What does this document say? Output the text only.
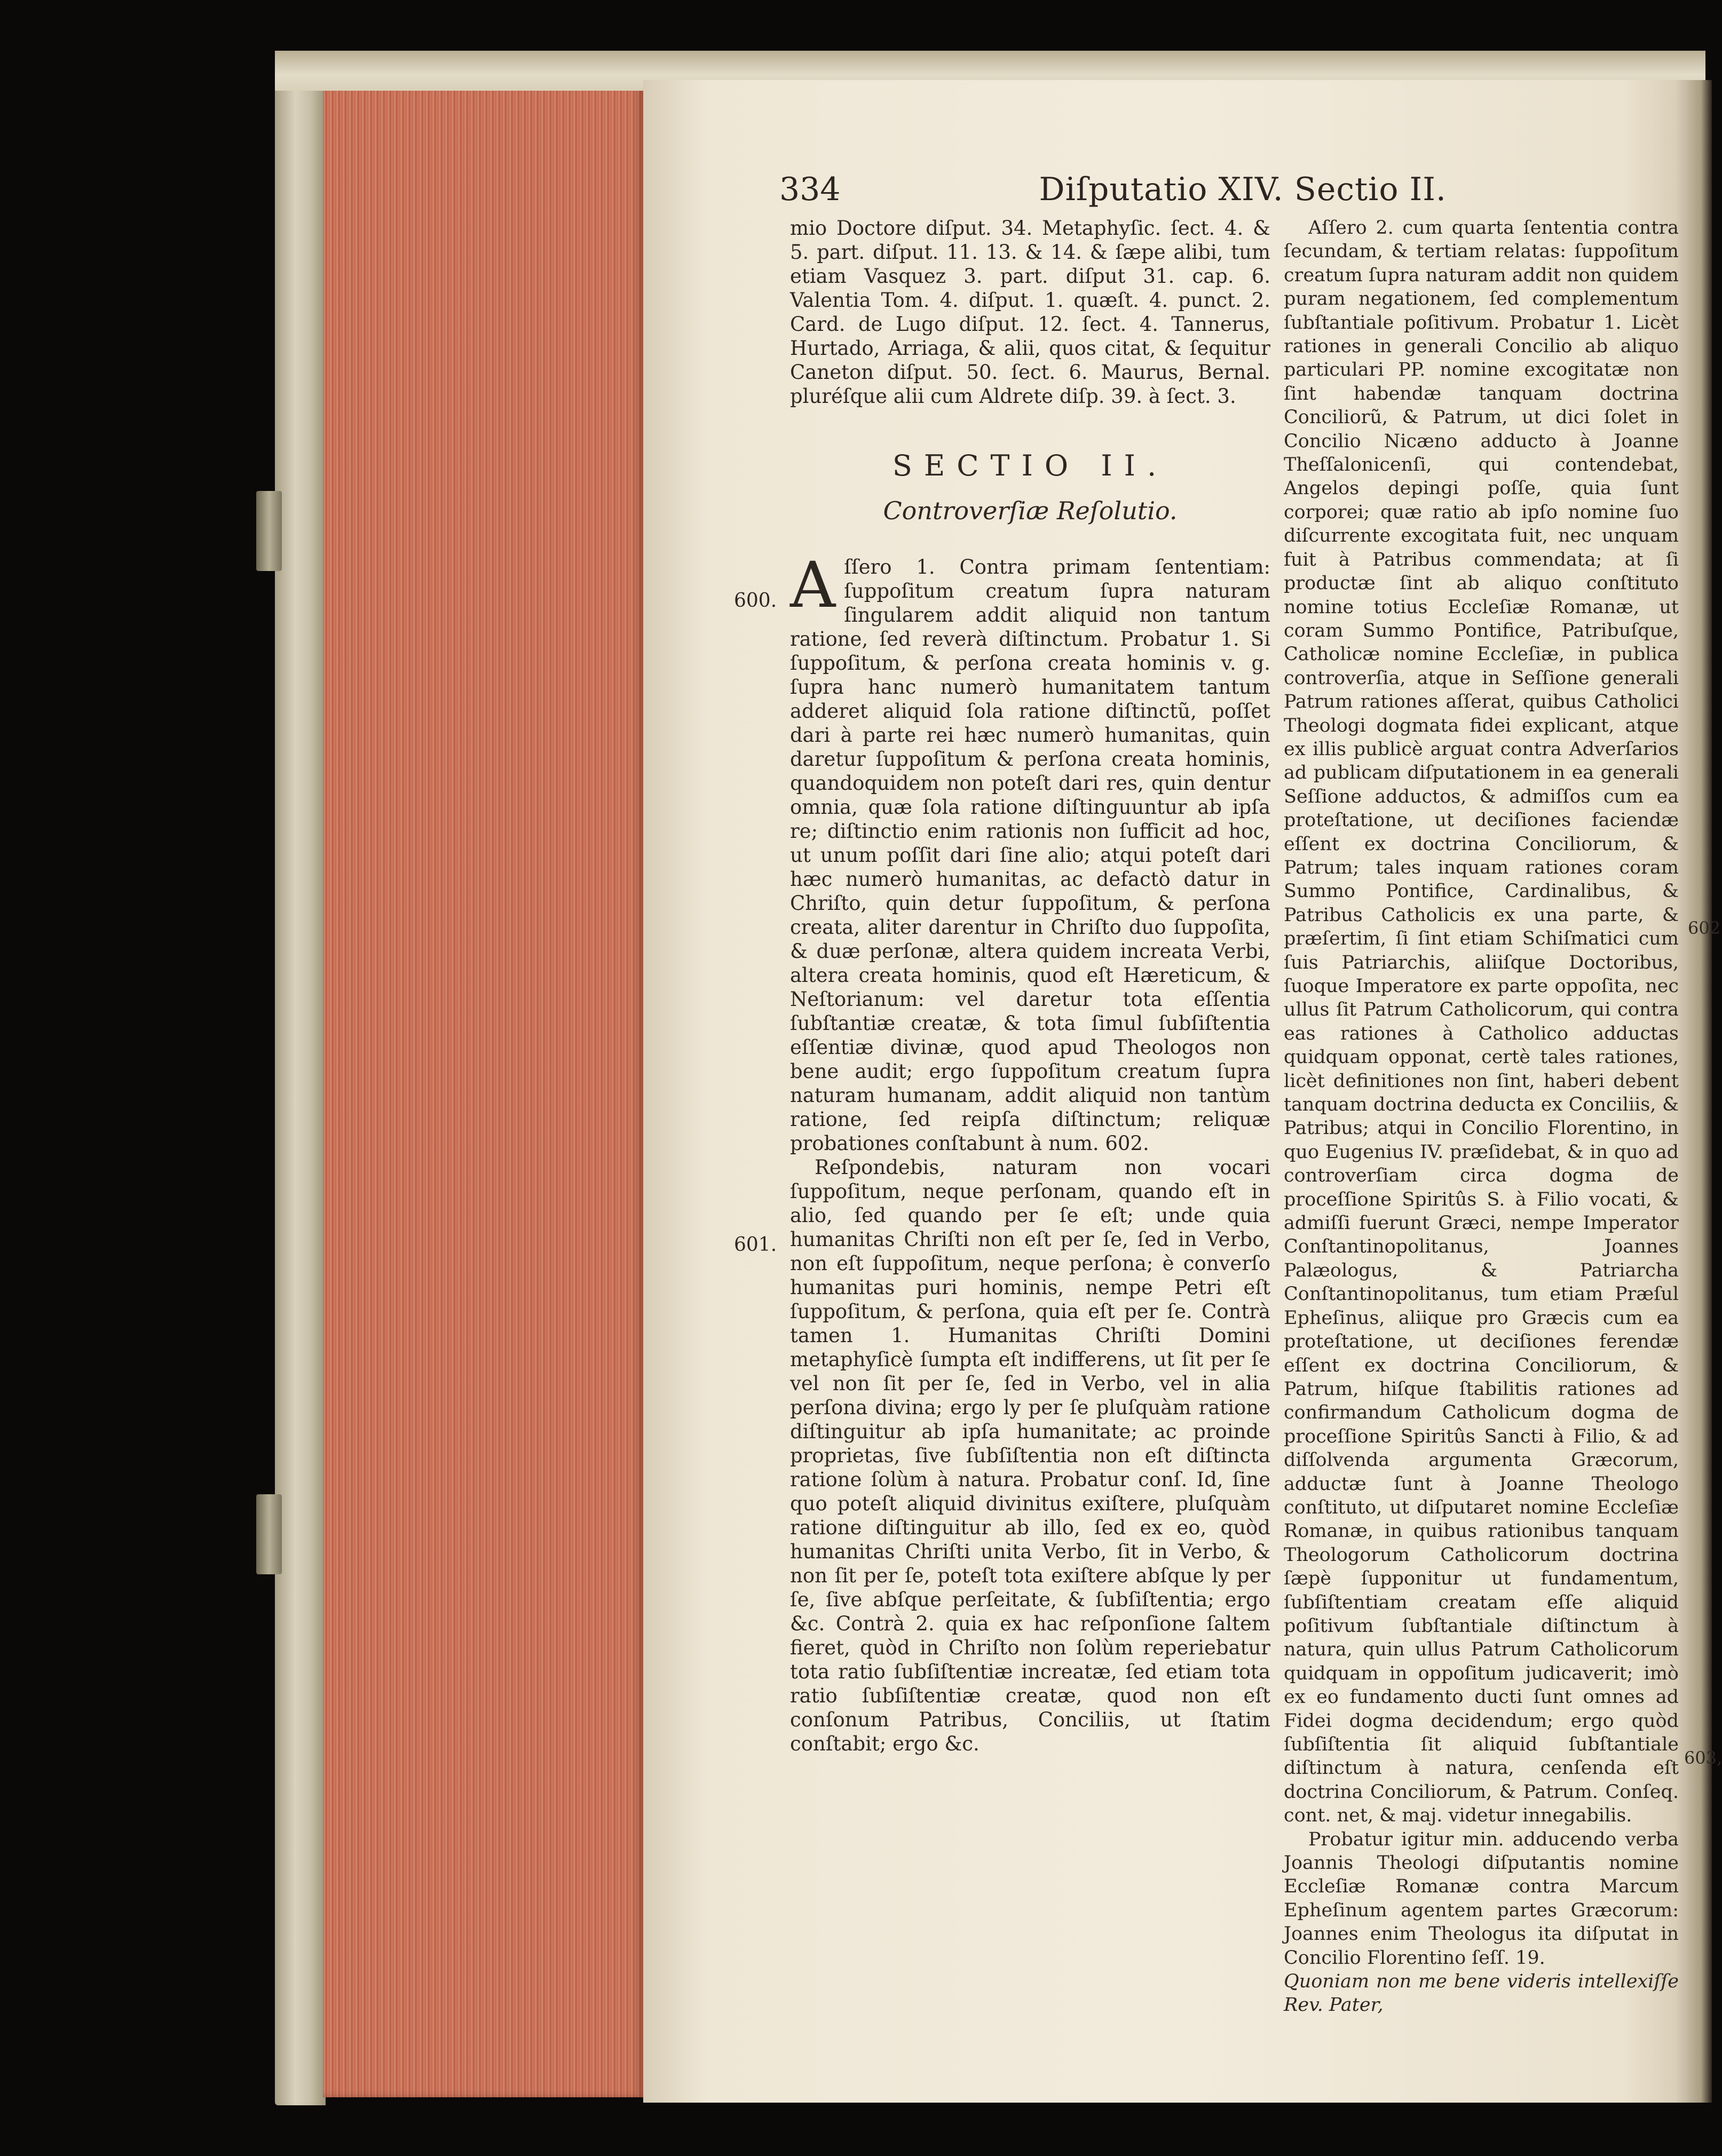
334	Diſputatio XIV. Sectio II.

mio Doctore diſput. 34. Metaphyſic. ſect. 4. & 5. part. diſput. 11. 13. & 14. & ſæpe alibi, tum etiam Vasquez 3. part. diſput 31. cap. 6. Valentia Tom. 4. diſput. 1. quæſt. 4. punct. 2. Card. de Lugo diſput. 12. ſect. 4. Tannerus, Hurtado, Arriaga, & alii, quos citat, & ſequitur Caneton diſput. 50. ſect. 6. Maurus, Bernal. pluréſque alii cum Aldrete diſp. 39. à ſect. 3.

SECTIO II.
Controverſiæ Reſolutio.

A ſſero 1. Contra primam ſententiam: ſuppoſitum creatum ſupra naturam ſingularem addit aliquid non tantum ratione, ſed reverà diſtinctum. Probatur 1. Si ſuppoſitum, & perſona creata hominis v. g. ſupra hanc numerò humanitatem tantum adderet aliquid ſola ratione diſtinctũ, poſſet dari à parte rei hæc numerò humanitas, quin daretur ſuppoſitum & perſona creata hominis, quandoquidem non poteſt dari res, quin dentur omnia, quæ ſola ratione diſtinguuntur ab ipſa re; diſtinctio enim rationis non ſufficit ad hoc, ut unum poſſit dari ſine alio; atqui poteſt dari hæc numerò humanitas, ac defactò datur in Chriſto, quin detur ſuppoſitum, & perſona creata, aliter darentur in Chriſto duo ſuppoſita, & duæ perſonæ, altera quidem increata Verbi, altera creata hominis, quod eſt Hæreticum, & Neſtorianum: vel daretur tota eſſentia ſubſtantiæ creatæ, & tota ſimul ſubſiſtentia eſſentiæ divinæ, quod apud Theologos non bene audit; ergo ſuppoſitum creatum ſupra naturam humanam, addit aliquid non tantùm ratione, ſed reipſa diſtinctum; reliquæ probationes conſtabunt à num. 602.

Reſpondebis, naturam non vocari ſuppoſitum, neque perſonam, quando eſt in alio, ſed quando per ſe eſt; unde quia humanitas Chriſti non eſt per ſe, ſed in Verbo, non eſt ſuppoſitum, neque perſona; è converſo humanitas puri hominis, nempe Petri eſt ſuppoſitum, & perſona, quia eſt per ſe. Contrà tamen 1. Humanitas Chriſti Domini metaphyſicè ſumpta eſt indifferens, ut ſit per ſe vel non ſit per ſe, ſed in Verbo, vel in alia perſona divina; ergo ly per ſe pluſquàm ratione diſtinguitur ab ipſa humanitate; ac proinde proprietas, ſive ſubſiſtentia non eſt diſtincta ratione ſolùm à natura. Probatur conſ. Id, ſine quo poteſt aliquid divinitus exiſtere, pluſquàm ratione diſtinguitur ab illo, ſed ex eo, quòd humanitas Chriſti unita Verbo, ſit in Verbo, & non ſit per ſe, poteſt tota exiſtere abſque ly per ſe, ſive abſque perſeitate, & ſubſiſtentia; ergo &c. Contrà 2. quia ex hac reſponſione ſaltem fieret, quòd in Chriſto non ſolùm reperiebatur tota ratio ſubſiſtentiæ increatæ, ſed etiam tota ratio ſubſiſtentiæ creatæ, quod non eſt conſonum Patribus, Conciliis, ut ſtatim conſtabit; ergo &c.

Aſſero 2. cum quarta ſententia contra ſecundam, & tertiam relatas: ſuppoſitum creatum ſupra naturam addit non quidem puram negationem, ſed complementum ſubſtantiale poſitivum. Probatur 1. Licèt rationes in generali Concilio ab aliquo particulari PP. nomine excogitatæ non ſint habendæ tanquam doctrina Conciliorũ, & Patrum, ut dici ſolet in Concilio Nicæno adducto à Joanne Theſſalonicenſi, qui contendebat, Angelos depingi poſſe, quia ſunt corporei; quæ ratio ab ipſo nomine ſuo diſcurrente excogitata fuit, nec unquam fuit à Patribus commendata; at ſi productæ ſint ab aliquo conſtituto nomine totius Eccleſiæ Romanæ, ut coram Summo Pontifice, Patribuſque, Catholicæ nomine Eccleſiæ, in publica controverſia, atque in Seſſione generali Patrum rationes aſſerat, quibus Catholici Theologi dogmata fidei explicant, atque ex illis publicè arguat contra Adverſarios ad publicam diſputationem in ea generali Seſſione adductos, & admiſſos cum ea proteſtatione, ut deciſiones faciendæ eſſent ex doctrina Conciliorum, & Patrum; tales inquam rationes coram Summo Pontifice, Cardinalibus, & Patribus Catholicis ex una parte, & præſertim, ſi ſint etiam Schiſmatici cum ſuis Patriarchis, aliiſque Doctoribus, ſuoque Imperatore ex parte oppoſita, nec ullus ſit Patrum Catholicorum, qui contra eas rationes à Catholico adductas quidquam opponat, certè tales rationes, licèt definitiones non ſint, haberi debent tanquam doctrina deducta ex Conciliis, & Patribus; atqui in Concilio Florentino, in quo Eugenius IV. præſidebat, & in quo ad controverſiam circa dogma de proceſſione Spiritûs S. à Filio vocati, & admiſſi fuerunt Græci, nempe Imperator Conſtantinopolitanus, Joannes Palæologus, & Patriarcha Conſtantinopolitanus, tum etiam Præſul Epheſinus, aliique pro Græcis cum ea proteſtatione, ut deciſiones ferendæ eſſent ex doctrina Conciliorum, & Patrum, hiſque ſtabilitis rationes ad confirmandum Catholicum dogma de proceſſione Spiritûs Sancti à Filio, & ad diſſolvenda argumenta Græcorum, adductæ ſunt à Joanne Theologo conſtituto, ut diſputaret nomine Eccleſiæ Romanæ, in quibus rationibus tanquam Theologorum Catholicorum doctrina ſæpè ſupponitur ut fundamentum, ſubſiſtentiam creatam eſſe aliquid poſitivum ſubſtantiale diſtinctum à natura, quin ullus Patrum Catholicorum quidquam in oppoſitum judicaverit; imò ex eo fundamento ducti ſunt omnes ad Fidei dogma decidendum; ergo quòd ſubſiſtentia ſit aliquid ſubſtantiale diſtinctum à natura, cenſenda eſt doctrina Conciliorum, & Patrum. Conſeq. cont. net, & maj. videtur innegabilis.

Probatur igitur min. adducendo verba Joannis Theologi diſputantis nomine Eccleſiæ Romanæ contra Marcum Epheſinum agentem partes Græcorum: Joannes enim Theologus ita diſputat in Concilio Florentino ſeſſ. 19.

Quoniam non me bene videris intellexiſſe Rev. Pater,

600.
601.
602
603,
